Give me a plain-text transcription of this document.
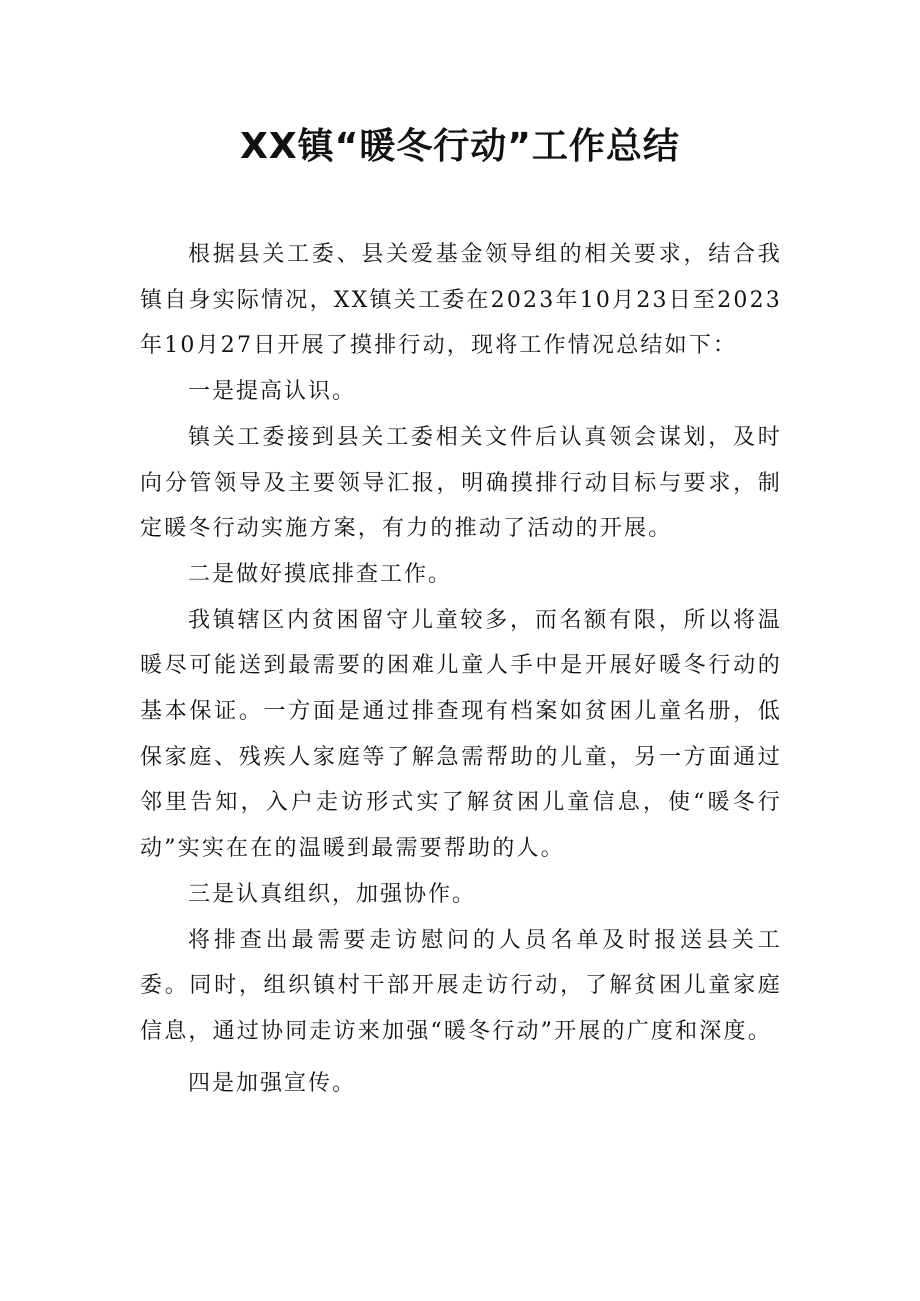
XX镇“暖冬行动”工作总结

根据县关工委、县关爱基金领导组的相关要求，结合我镇自身实际情况，XX镇关工委在2023年10月23日至2023年10月27日开展了摸排行动，现将工作情况总结如下：

一是提高认识。

镇关工委接到县关工委相关文件后认真领会谋划，及时向分管领导及主要领导汇报，明确摸排行动目标与要求，制定暖冬行动实施方案，有力的推动了活动的开展。

二是做好摸底排查工作。

我镇辖区内贫困留守儿童较多，而名额有限，所以将温暖尽可能送到最需要的困难儿童人手中是开展好暖冬行动的基本保证。一方面是通过排查现有档案如贫困儿童名册，低保家庭、残疾人家庭等了解急需帮助的儿童，另一方面通过邻里告知，入户走访形式实了解贫困儿童信息，使“暖冬行动”实实在在的温暖到最需要帮助的人。

三是认真组织，加强协作。

将排查出最需要走访慰问的人员名单及时报送县关工委。同时，组织镇村干部开展走访行动，了解贫困儿童家庭信息，通过协同走访来加强“暖冬行动”开展的广度和深度。

四是加强宣传。
